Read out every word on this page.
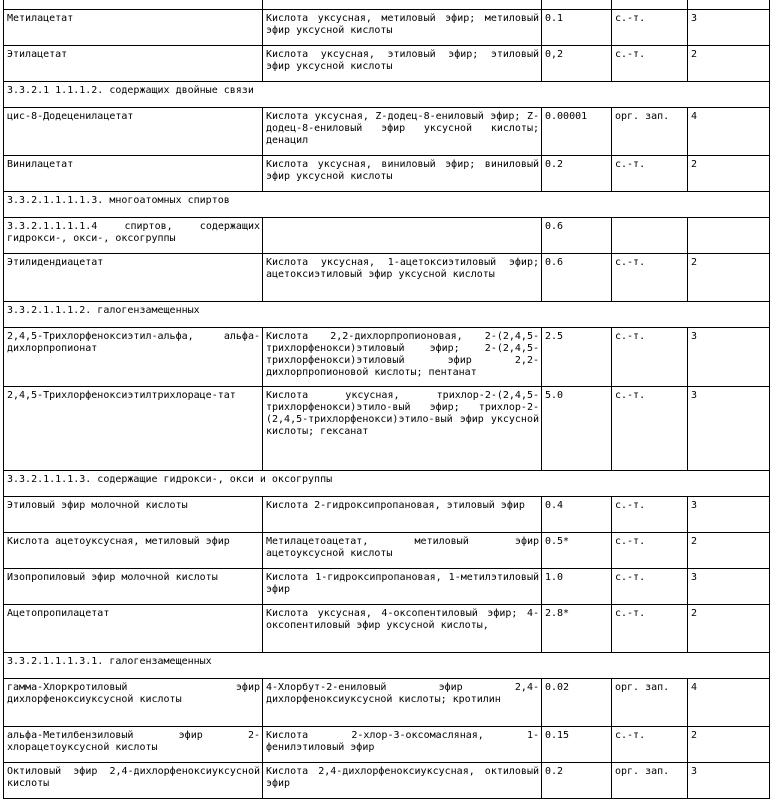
Метилацетат	Кислота уксусная, метиловый эфир; метиловый эфир уксусной кислоты	0.1	с.-т.	3
Этилацетат	Кислота уксусная, этиловый эфир; этиловый эфир уксусной кислоты	0,2	с.-т.	2
3.3.2.1 1.1.1.2. содержащих двойные связи				
цис-8-Додеценилацетат	Кислота уксусная, Z-додец-8-ениловый эфир; Z-додец-8-ениловый эфир уксусной кислоты; денацил	0.00001	орг. зап.	4
Винилацетат	Кислота уксусная, виниловый эфир; виниловый эфир уксусной кислоты	0.2	с.-т.	2
3.3.2.1.1.1.1.3. многоатомных спиртов				
3.3.2.1.1.1.1.4 спиртов, содержащих гидрокси-, окси-, оксогруппы		0.6		
Этилидендиацетат	Кислота уксусная, 1-ацетоксиэтиловый эфир; ацетоксиэтиловый эфир уксусной кислоты	0.6	с.-т.	2
3.3.2.1.1.1.2. галогензамещенных				
2,4,5-Трихлорфеноксиэтил-альфа, альфа-дихлорпропионат	Кислота 2,2-дихлорпропионовая, 2-(2,4,5-трихлорфенокси)этиловый эфир; 2-(2,4,5-трихлорфенокси)этиловый эфир 2,2-дихлорпропионовой кислоты; пентанат	2.5	с.-т.	3
2,4,5-Трихлорфеноксиэтилтрихлораце-тат	Кислота уксусная, трихлор-2-(2,4,5-трихлорфенокси)этило-вый эфир; трихлор-2-(2,4,5-трихлорфенокси)этило-вый эфир уксусной кислоты; гексанат	5.0	с.-т.	3
3.3.2.1.1.1.3. содержащие гидрокси-, окси и оксогруппы				
Этиловый эфир молочной кислоты	Кислота 2-гидроксипропановая, этиловый эфир	0.4	с.-т.	3
Кислота ацетоуксусная, метиловый эфир	Метилацетоацетат, метиловый эфир ацетоуксусной кислоты	0.5*	с.-т.	2
Изопропиловый эфир молочной кислоты	Кислота 1-гидроксипропановая, 1-метилэтиловый эфир	1.0	с.-т.	3
Ацетопропилацетат	Кислота уксусная, 4-оксопентиловый эфир; 4-оксопентиловый эфир уксусной кислоты,	2.8*	с.-т.	2
3.3.2.1.1.1.3.1. галогензамещенных				
гамма-Хлоркротиловый эфир дихлорфеноксиуксусной кислоты	4-Хлорбут-2-ениловый эфир 2,4-дихлорфеноксиуксусной кислоты; кротилин	0.02	орг. зап.	4
альфа-Метилбензиловый эфир 2-хлорацетоуксусной кислоты	Кислота 2-хлор-3-оксомасляная, 1-фенилэтиловый эфир	0.15	с.-т.	2
Октиловый эфир 2,4-дихлорфеноксиуксусной кислоты	Кислота 2,4-дихлорфеноксиуксусная, октиловый эфир	0.2	орг. зап.	3
